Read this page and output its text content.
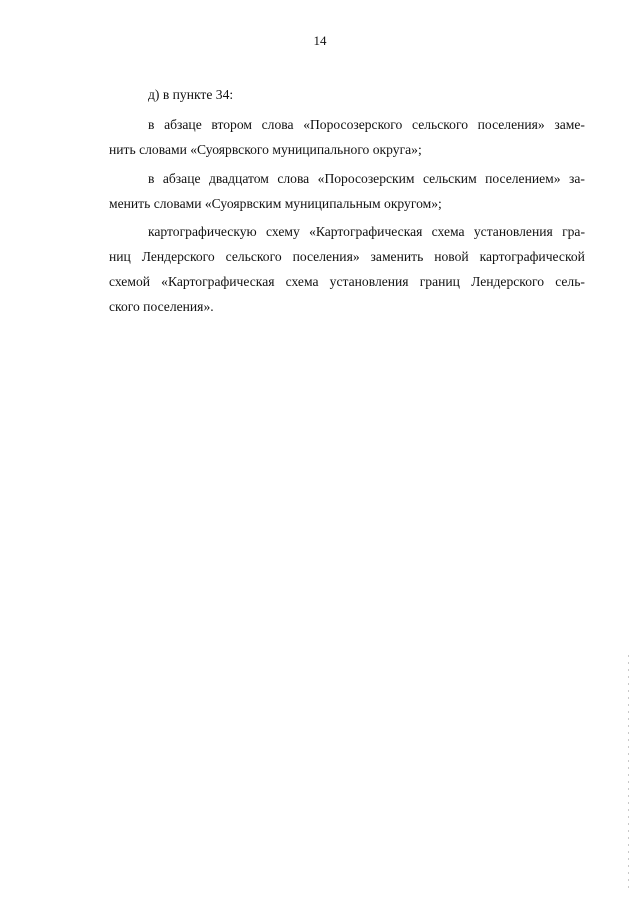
14
д) в пункте 34:
в абзаце втором слова «Поросозерского сельского поселения» заме-
нить словами «Суоярвского муниципального округа»;
в абзаце двадцатом слова «Поросозерским сельским поселением» за-
менить словами «Суоярвским муниципальным округом»;
картографическую схему «Картографическая схема установления гра-
ниц Лендерского сельского поселения» заменить новой картографической
схемой «Картографическая схема установления границ Лендерского сель-
ского поселения».
